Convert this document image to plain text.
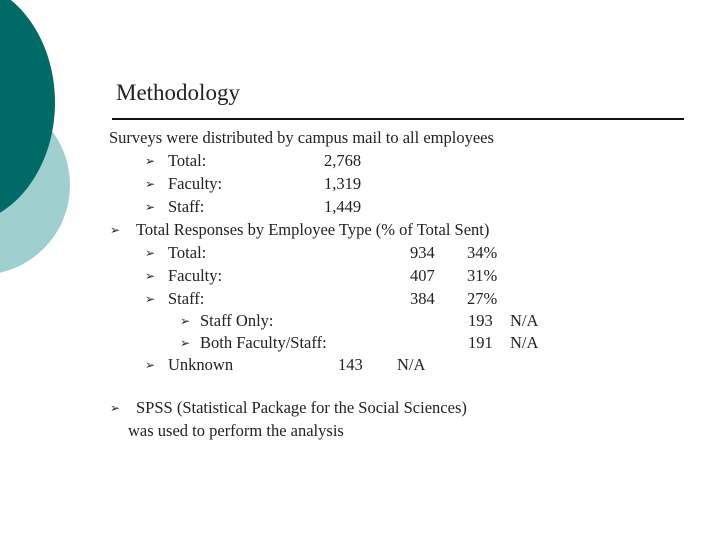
Methodology
Surveys were distributed by campus mail to all employees
➢ Total:	2,768
➢ Faculty:	1,319
➢ Staff:	1,449
➢ Total Responses by Employee Type (% of Total Sent)
➢ Total:	934 34%
➢ Faculty:	407 31%
➢ Staff:	384 27%
➢ Staff Only:	193 N/A
➢ Both Faculty/Staff:	191 N/A
➢ Unknown	143 N/A
➢ SPSS (Statistical Package for the Social Sciences)
was used to perform the analysis
